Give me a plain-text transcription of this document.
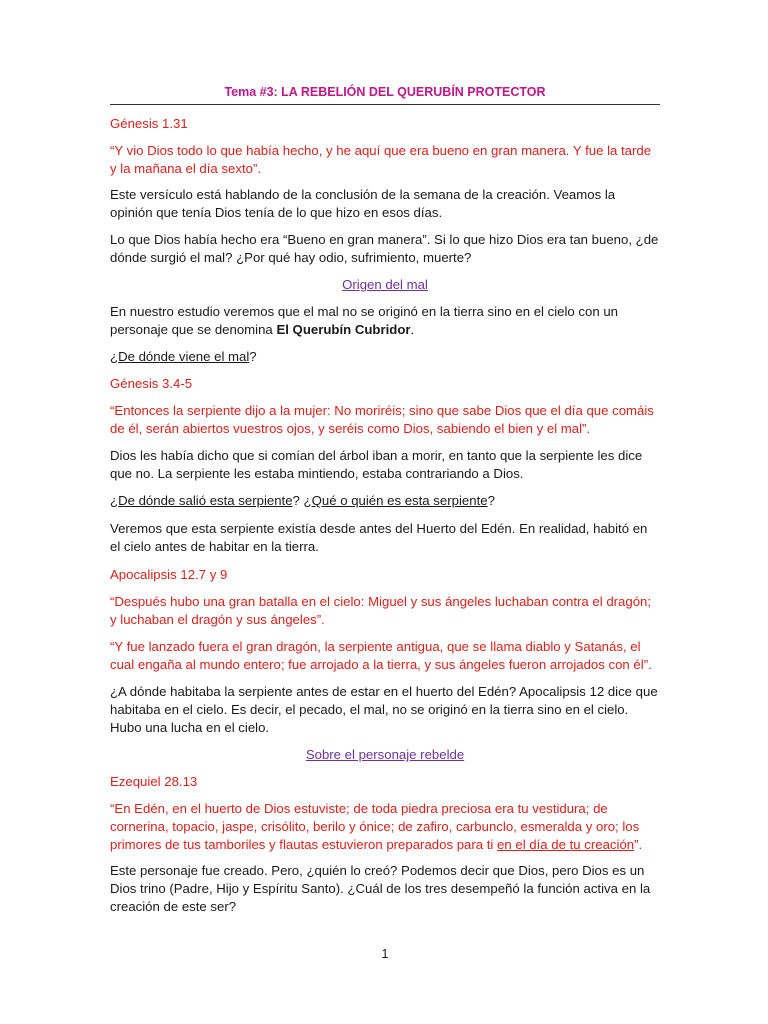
Tema #3: LA REBELIÓN DEL QUERUBÍN PROTECTOR
Génesis 1.31
“Y vio Dios todo lo que había hecho, y he aquí que era bueno en gran manera. Y fue la tarde y la mañana el día sexto”.
Este versículo está hablando de la conclusión de la semana de la creación. Veamos la opinión que tenía Dios tenía de lo que hizo en esos días.
Lo que Dios había hecho era “Bueno en gran manera”. Si lo que hizo Dios era tan bueno, ¿de dónde surgió el mal? ¿Por qué hay odio, sufrimiento, muerte?
Origen del mal
En nuestro estudio veremos que el mal no se originó en la tierra sino en el cielo con un personaje que se denomina El Querubín Cubridor.
¿De dónde viene el mal?
Génesis 3.4-5
“Entonces la serpiente dijo a la mujer: No moriréis; sino que sabe Dios que el día que comáis de él, serán abiertos vuestros ojos, y seréis como Dios, sabiendo el bien y el mal”.
Dios les había dicho que si comían del árbol iban a morir, en tanto que la serpiente les dice que no. La serpiente les estaba mintiendo, estaba contrariando a Dios.
¿De dónde salió esta serpiente? ¿Qué o quién es esta serpiente?
Veremos que esta serpiente existía desde antes del Huerto del Edén. En realidad, habitó en el cielo antes de habitar en la tierra.
Apocalipsis 12.7 y 9
“Después hubo una gran batalla en el cielo: Miguel y sus ángeles luchaban contra el dragón; y luchaban el dragón y sus ángeles”.
“Y fue lanzado fuera el gran dragón, la serpiente antigua, que se llama diablo y Satanás, el cual engaña al mundo entero; fue arrojado a la tierra, y sus ángeles fueron arrojados con él”.
¿A dónde habitaba la serpiente antes de estar en el huerto del Edén? Apocalipsis 12 dice que habitaba en el cielo. Es decir, el pecado, el mal, no se originó en la tierra sino en el cielo. Hubo una lucha en el cielo.
Sobre el personaje rebelde
Ezequiel 28.13
“En Edén, en el huerto de Dios estuviste; de toda piedra preciosa era tu vestidura; de cornerina, topacio, jaspe, crisólito, berilo y ónice; de zafiro, carbunclo, esmeralda y oro; los primores de tus tamboriles y flautas estuvieron preparados para ti en el día de tu creación”.
Este personaje fue creado. Pero, ¿quién lo creó? Podemos decir que Dios, pero Dios es un Dios trino (Padre, Hijo y Espíritu Santo). ¿Cuál de los tres desempeñó la función activa en la creación de este ser?
1
